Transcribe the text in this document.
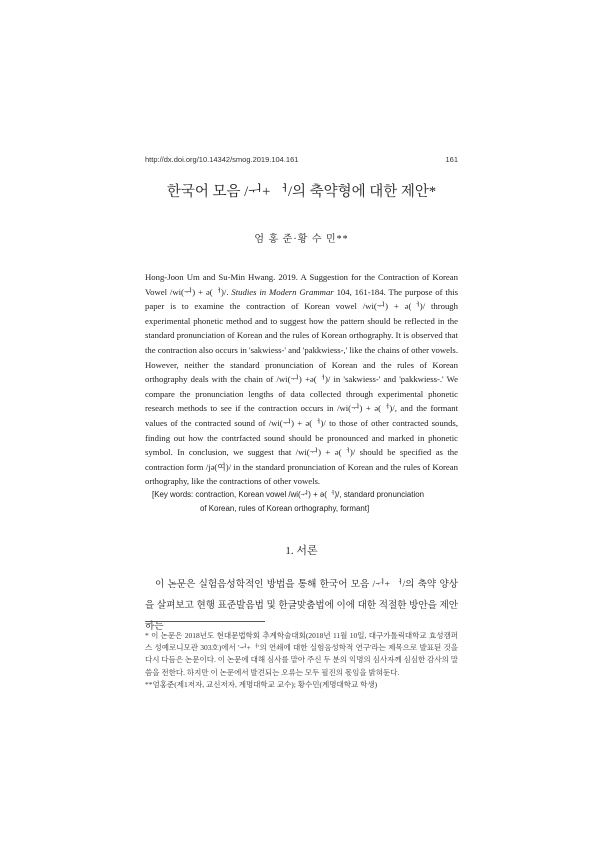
http://dx.doi.org/10.14342/smog.2019.104.161	161
한국어 모음 /ᅱ+ ᅥ/의 축약형에 대한 제안*
엄 홍 준·황 수 민**
Hong-Joon Um and Su-Min Hwang. 2019. A Suggestion for the Contraction of Korean Vowel /wi(ᅱ) + ə(ᅥ)/. Studies in Modern Grammar 104, 161-184. The purpose of this paper is to examine the contraction of Korean vowel /wi(ᅱ) + ə(ᅥ)/ through experimental phonetic method and to suggest how the pattern should be reflected in the standard pronunciation of Korean and the rules of Korean orthography. It is observed that the contraction also occurs in 'sakwiess-' and 'pakkwiess-,' like the chains of other vowels. However, neither the standard pronunciation of Korean and the rules of Korean orthography deals with the chain of /wi(ᅱ) +ə(ᅥ)/ in 'sakwiess-' and 'pakkwiess-.' We compare the pronunciation lengths of data collected through experimental phonetic research methods to see if the contraction occurs in /wi(ᅱ) + ə(ᅥ)/, and the formant values of the contracted sound of /wi(ᅱ) + ə(ᅥ)/ to those of other contracted sounds, finding out how the contrfacted sound should be pronounced and marked in phonetic symbol. In conclusion, we suggest that /wi(ᅱ) + ə(ᅥ)/ should be specified as the contraction form /jə(여)/ in the standard pronunciation of Korean and the rules of Korean orthography, like the contractions of other vowels.
[Key words: contraction, Korean vowel /wi(ᅱ) + ə(ᅥ)/, standard pronunciation
of Korean, rules of Korean orthography, formant]
1. 서론
이 논문은 실험음성학적인 방법을 통해 한국어 모음 /ᅱ+ ᅥ/의 축약 양상을 살펴보고 현행 표준발음법 및 한글맞춤법에 이에 대한 적절한 방안을 제안하는

* 이 논문은 2018년도 현대문법학회 추계학술대회(2018년 11월 10일, 대구가톨릭대학교 효성캠퍼스 성예로니모관 303호)에서 'ᅱ+ᅥ'의 연쇄에 대한 실험음성학적 연구'라는 제목으로 발표된 것을 다시 다듬은 논문이다. 이 논문에 대해 심사를 맡아 주신 두 분의 익명의 심사자께 심심한 감사의 말씀을 전한다. 하지만 이 논문에서 발견되는 오류는 모두 필진의 몫임을 밝혀둔다.

**엄홍준(제1저자, 교신저자, 계명대학교 교수); 황수민(계명대학교 학생)
